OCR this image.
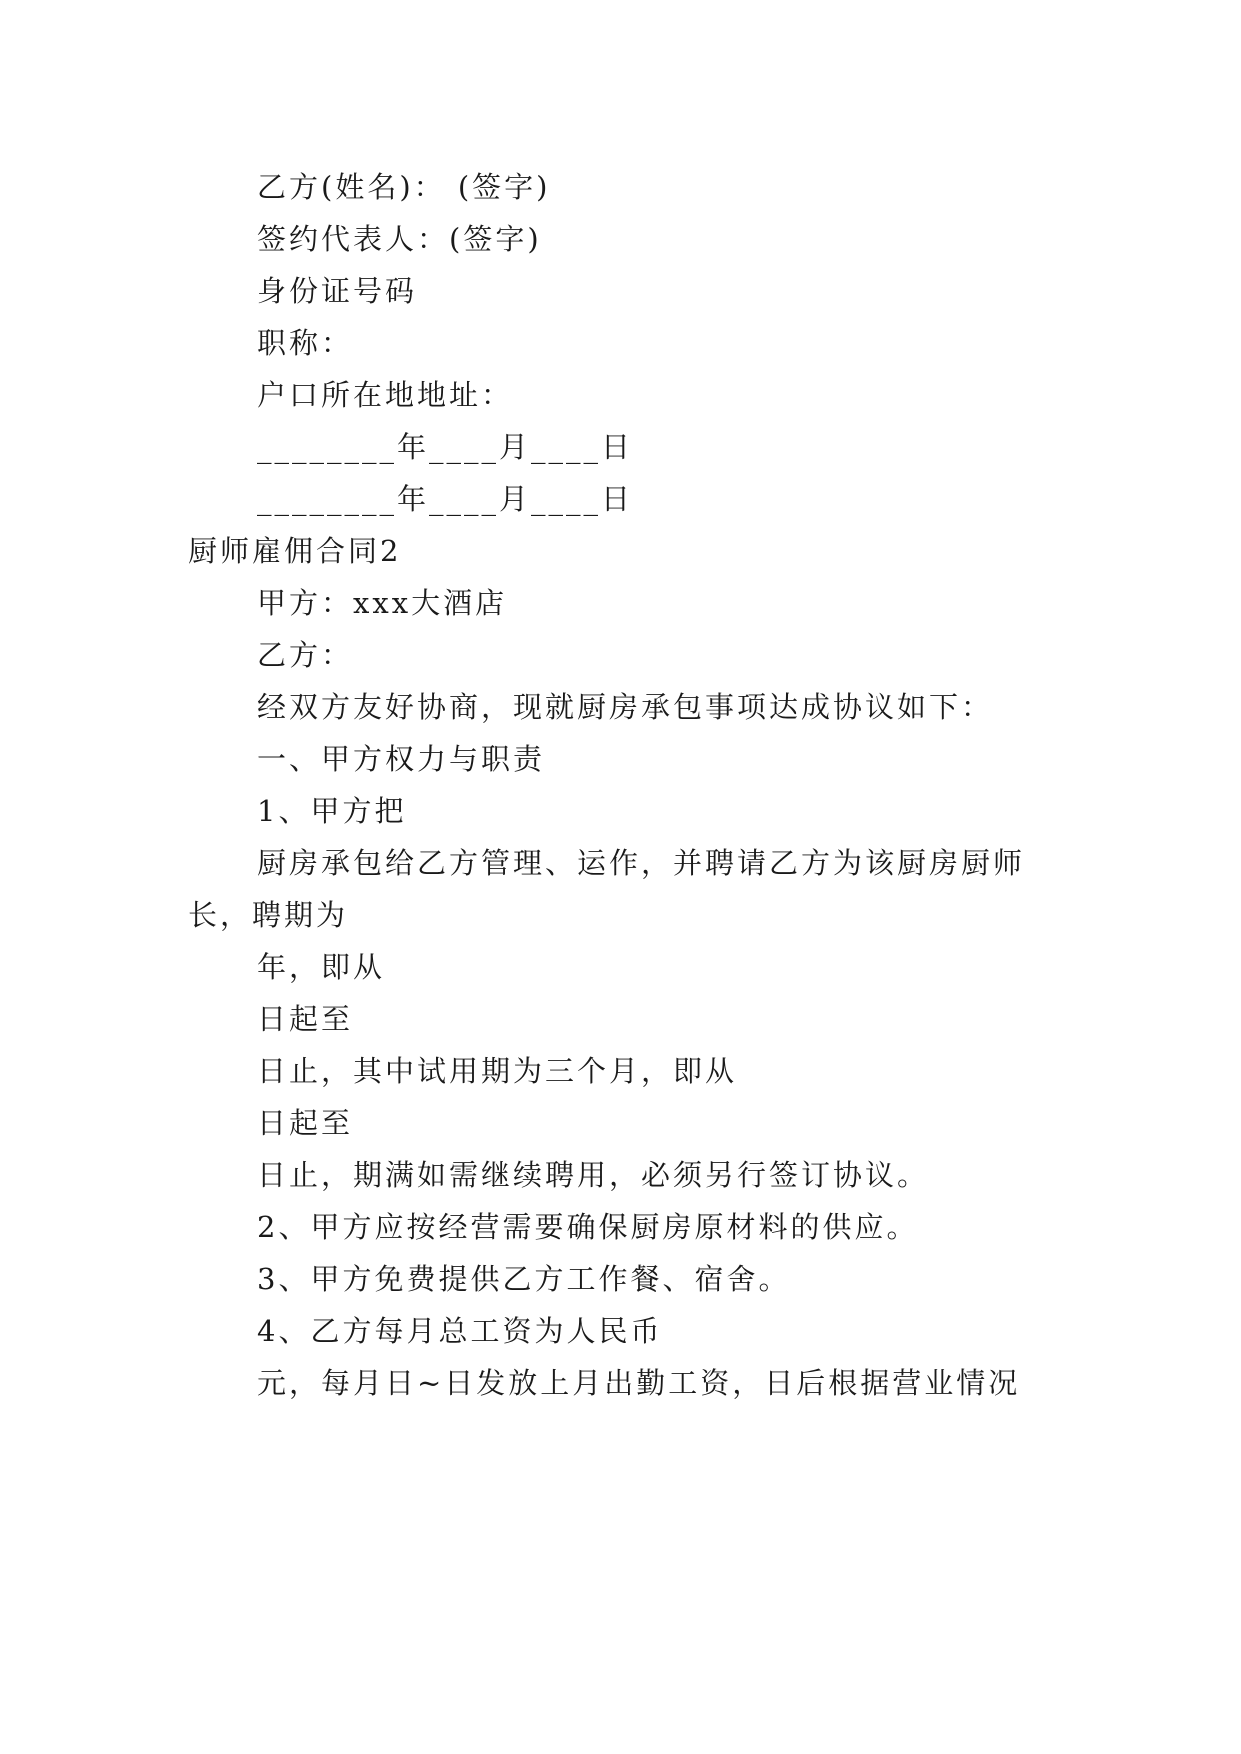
乙方(姓名)： (签字)

签约代表人：(签字)

身份证号码

职称：

户口所在地地址：

________年____月____日

________年____月____日

厨师雇佣合同2

甲方：xxx大酒店

乙方：

经双方友好协商，现就厨房承包事项达成协议如下：

一、甲方权力与职责

1、甲方把

厨房承包给乙方管理、运作，并聘请乙方为该厨房厨师

长，聘期为

年，即从

日起至

日止，其中试用期为三个月，即从

日起至

日止，期满如需继续聘用，必须另行签订协议。

2、甲方应按经营需要确保厨房原材料的供应。

3、甲方免费提供乙方工作餐、宿舍。

4、乙方每月总工资为人民币

元，每月日~日发放上月出勤工资，日后根据营业情况
